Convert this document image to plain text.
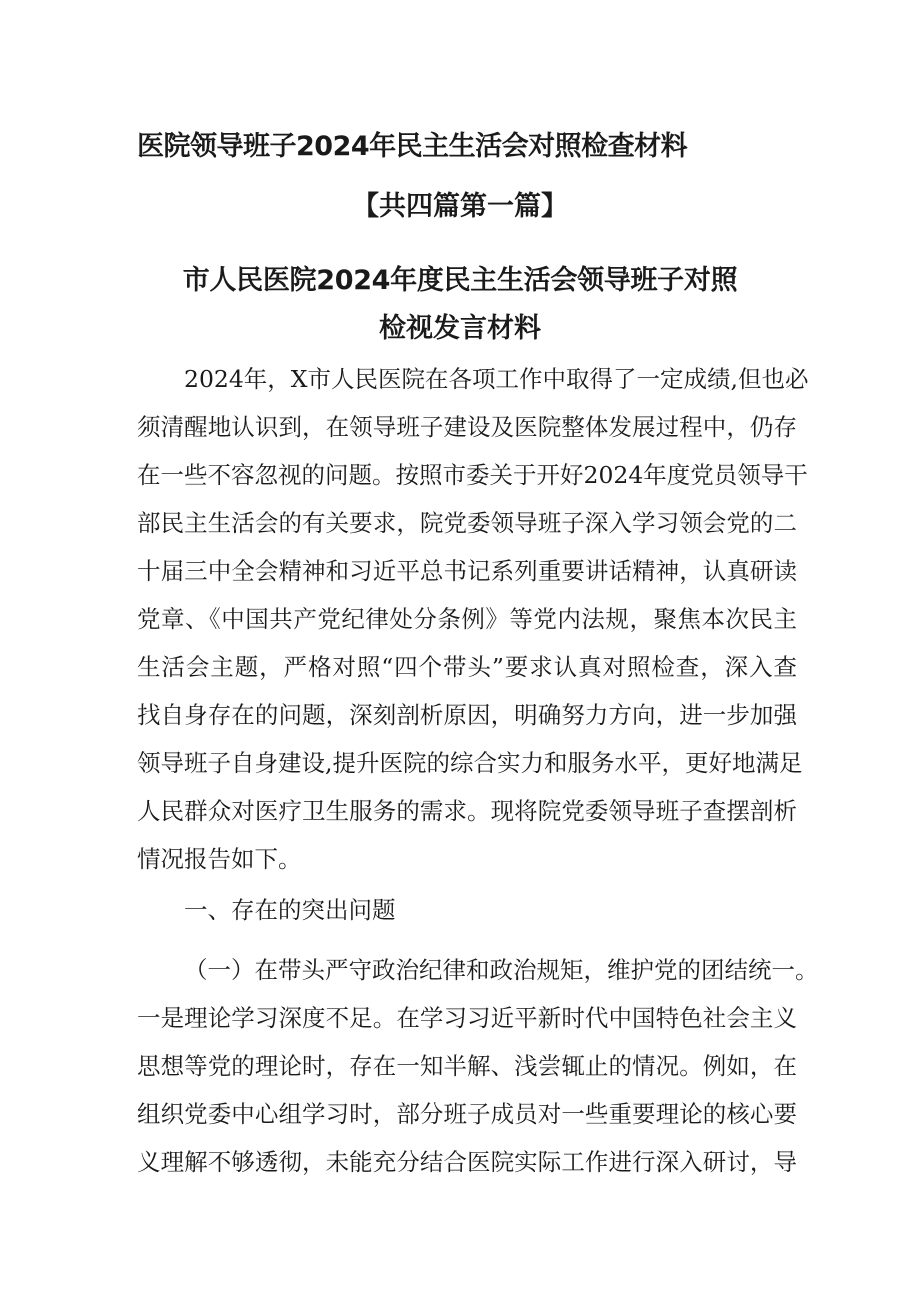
医院领导班子2024年民主生活会对照检查材料
【共四篇第一篇】
市人民医院2024年度民主生活会领导班子对照
检视发言材料
2024年，X市人民医院在各项工作中取得了一定成绩,但也必
须清醒地认识到，在领导班子建设及医院整体发展过程中，仍存
在一些不容忽视的问题。按照市委关于开好2024年度党员领导干
部民主生活会的有关要求，院党委领导班子深入学习领会党的二
十届三中全会精神和习近平总书记系列重要讲话精神，认真研读
党章、《中国共产党纪律处分条例》等党内法规，聚焦本次民主
生活会主题，严格对照“四个带头”要求认真对照检查，深入查
找自身存在的问题，深刻剖析原因，明确努力方向，进一步加强
领导班子自身建设,提升医院的综合实力和服务水平，更好地满足
人民群众对医疗卫生服务的需求。现将院党委领导班子查摆剖析
情况报告如下。
一、存在的突出问题
（一）在带头严守政治纪律和政治规矩，维护党的团结统一。
一是理论学习深度不足。在学习习近平新时代中国特色社会主义
思想等党的理论时，存在一知半解、浅尝辄止的情况。例如，在
组织党委中心组学习时，部分班子成员对一些重要理论的核心要
义理解不够透彻，未能充分结合医院实际工作进行深入研讨，导
